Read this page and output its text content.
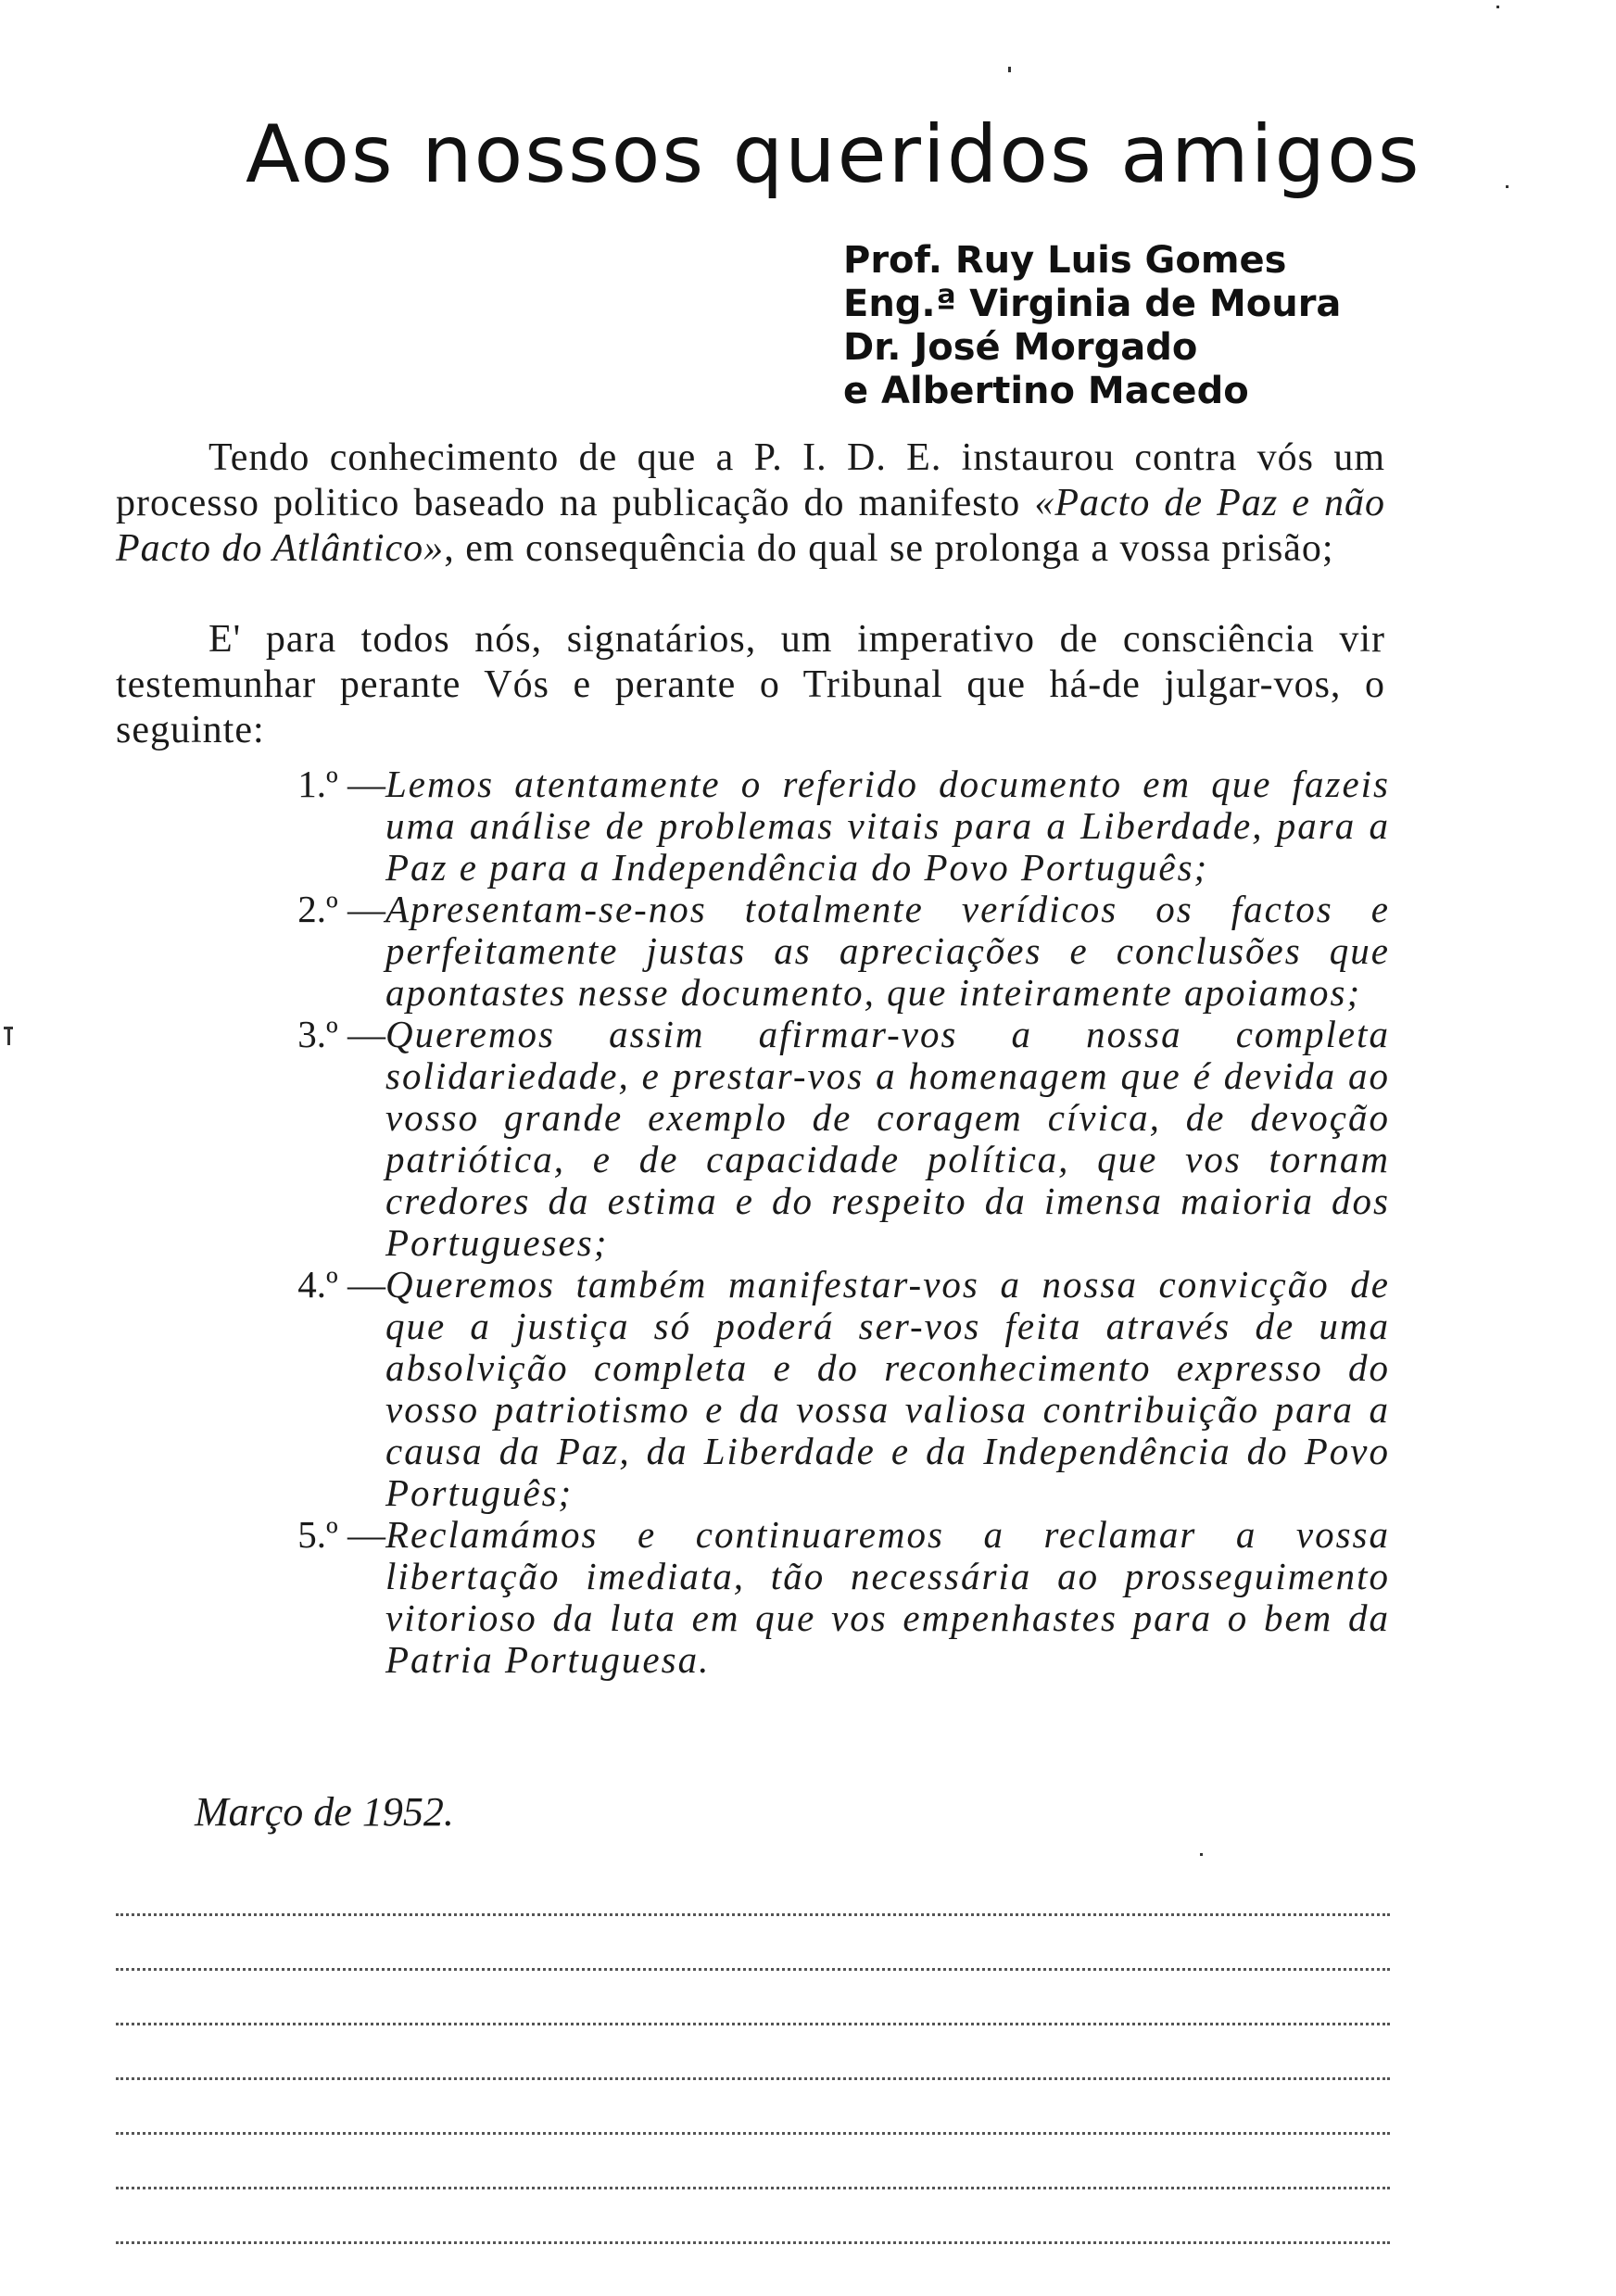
Aos nossos queridos amigos
Prof. Ruy Luis Gomes
Eng.ª Virginia de Moura
Dr. José Morgado
e Albertino Macedo

Tendo conhecimento de que a P. I. D. E. instaurou contra vós um processo politico baseado na publicação do manifesto «Pacto de Paz e não Pacto do Atlântico», em consequência do qual se prolonga a vossa prisão;

E' para todos nós, signatários, um imperativo de consciência vir testemunhar perante Vós e perante o Tribunal que há-de julgar-vos, o seguinte:

1.º — Lemos atentamente o referido documento em que fazeis uma análise de problemas vitais para a Liberdade, para a Paz e para a Independência do Povo Português;
2.º — Apresentam-se-nos totalmente verídicos os factos e perfeitamente justas as apreciações e conclusões que apontastes nesse documento, que inteiramente apoiamos;
3.º — Queremos assim afirmar-vos a nossa completa solidariedade, e prestar-vos a homenagem que é devida ao vosso grande exemplo de coragem cívica, de devoção patriótica, e de capacidade política, que vos tornam credores da estima e do respeito da imensa maioria dos Portugueses;
4.º — Queremos também manifestar-vos a nossa convicção de que a justiça só poderá ser-vos feita através de uma absolvição completa e do reconhecimento expresso do vosso patriotismo e da vossa valiosa contribuição para a causa da Paz, da Liberdade e da Independência do Povo Português;
5.º — Reclamámos e continuaremos a reclamar a vossa libertação imediata, tão necessária ao prosseguimento vitorioso da luta em que vos empenhastes para o bem da Patria Portuguesa.
Março de 1952.
